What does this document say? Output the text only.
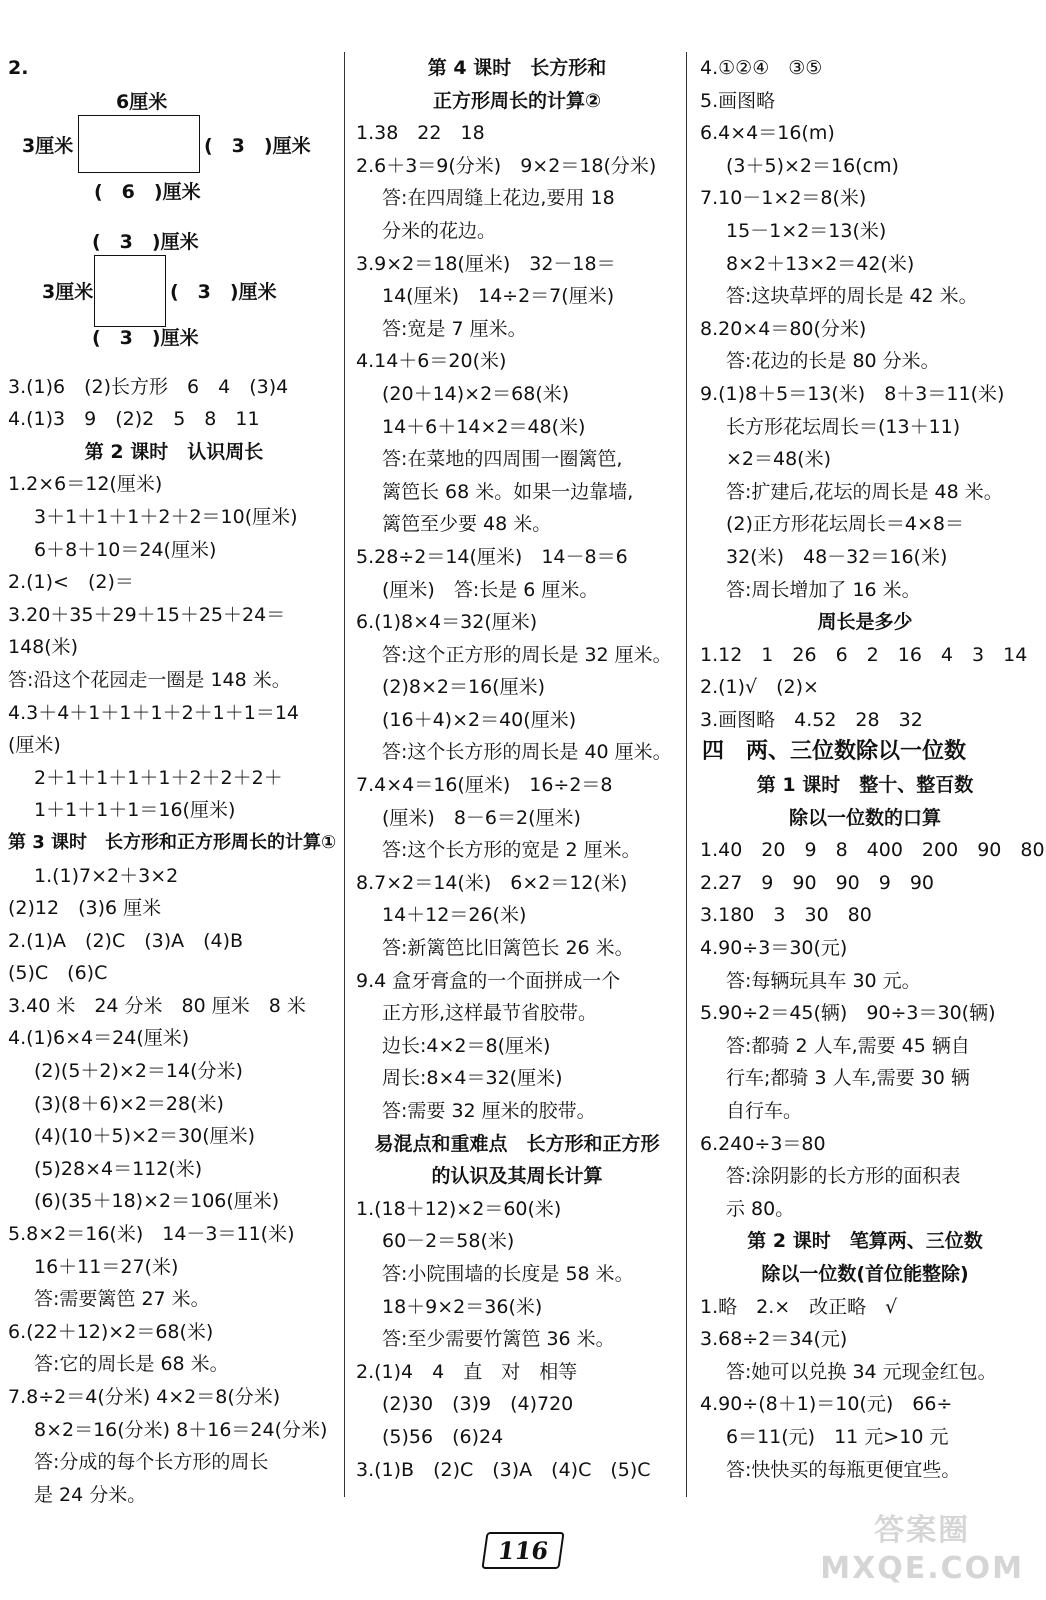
2.
6厘米
3厘米	(　3　)厘米
(　6　)厘米
(　3　)厘米
3厘米	(　3　)厘米
(　3　)厘米
3.(1)6　(2)长方形　6　4　(3)4
4.(1)3　9　(2)2　5　8　11
第 2 课时　认识周长
1.2×6＝12(厘米)
3＋1＋1＋1＋2＋2＝10(厘米)
6＋8＋10＝24(厘米)
2.(1)<　(2)＝
3.20＋35＋29＋15＋25＋24＝
148(米)
答:沿这个花园走一圈是 148 米。
4.3＋4＋1＋1＋1＋2＋1＋1＝14
(厘米)
2＋1＋1＋1＋1＋2＋2＋2＋
1＋1＋1＋1＝16(厘米)
第 3 课时　长方形和正方形周长的计算①
1.(1)7×2＋3×2
(2)12　(3)6 厘米
2.(1)A　(2)C　(3)A　(4)B
(5)C　(6)C
3.40 米　24 分米　80 厘米　8 米
4.(1)6×4＝24(厘米)
(2)(5＋2)×2＝14(分米)
(3)(8＋6)×2＝28(米)
(4)(10＋5)×2＝30(厘米)
(5)28×4＝112(米)
(6)(35＋18)×2＝106(厘米)
5.8×2＝16(米)　14－3＝11(米)
16＋11＝27(米)
答:需要篱笆 27 米。
6.(22＋12)×2＝68(米)
答:它的周长是 68 米。
7.8÷2＝4(分米) 4×2＝8(分米)
8×2＝16(分米) 8＋16＝24(分米)
答:分成的每个长方形的周长
是 24 分米。
第 4 课时　长方形和
正方形周长的计算②
1.38　22　18
2.6＋3＝9(分米)　9×2＝18(分米)
答:在四周缝上花边,要用 18
分米的花边。
3.9×2＝18(厘米)　32－18＝
14(厘米)　14÷2＝7(厘米)
答:宽是 7 厘米。
4.14＋6＝20(米)
(20＋14)×2＝68(米)
14＋6＋14×2＝48(米)
答:在菜地的四周围一圈篱笆,
篱笆长 68 米。如果一边靠墙,
篱笆至少要 48 米。
5.28÷2＝14(厘米)　14－8＝6
(厘米)　答:长是 6 厘米。
6.(1)8×4＝32(厘米)
答:这个正方形的周长是 32 厘米。
(2)8×2＝16(厘米)
(16＋4)×2＝40(厘米)
答:这个长方形的周长是 40 厘米。
7.4×4＝16(厘米)　16÷2＝8
(厘米)　8－6＝2(厘米)
答:这个长方形的宽是 2 厘米。
8.7×2＝14(米)　6×2＝12(米)
14＋12＝26(米)
答:新篱笆比旧篱笆长 26 米。
9.4 盒牙膏盒的一个面拼成一个
正方形,这样最节省胶带。
边长:4×2＝8(厘米)
周长:8×4＝32(厘米)
答:需要 32 厘米的胶带。
易混点和重难点　长方形和正方形
的认识及其周长计算
1.(18＋12)×2＝60(米)
60－2＝58(米)
答:小院围墙的长度是 58 米。
18＋9×2＝36(米)
答:至少需要竹篱笆 36 米。
2.(1)4　4　直　对　相等
(2)30　(3)9　(4)720
(5)56　(6)24
3.(1)B　(2)C　(3)A　(4)C　(5)C
4.①②④　③⑤
5.画图略
6.4×4＝16(m)
(3＋5)×2＝16(cm)
7.10－1×2＝8(米)
15－1×2＝13(米)
8×2＋13×2＝42(米)
答:这块草坪的周长是 42 米。
8.20×4＝80(分米)
答:花边的长是 80 分米。
9.(1)8＋5＝13(米)　8＋3＝11(米)
长方形花坛周长＝(13＋11)
×2＝48(米)
答:扩建后,花坛的周长是 48 米。
(2)正方形花坛周长＝4×8＝
32(米)　48－32＝16(米)
答:周长增加了 16 米。
周长是多少
1.12　1　26　6　2　16　4　3　14
2.(1)√　(2)×
3.画图略　4.52　28　32
四　两、三位数除以一位数
第 1 课时　整十、整百数
除以一位数的口算
1.40　20　9　8　400　200　90　80
2.27　9　90　90　9　90
3.180　3　30　80
4.90÷3＝30(元)
答:每辆玩具车 30 元。
5.90÷2＝45(辆)　90÷3＝30(辆)
答:都骑 2 人车,需要 45 辆自
行车;都骑 3 人车,需要 30 辆
自行车。
6.240÷3＝80
答:涂阴影的长方形的面积表
示 80。
第 2 课时　笔算两、三位数
除以一位数(首位能整除)
1.略　2.×　改正略　√
3.68÷2＝34(元)
答:她可以兑换 34 元现金红包。
4.90÷(8＋1)＝10(元)　66÷
6＝11(元)　11 元>10 元
答:快快买的每瓶更便宜些。
116
答案圈
MXQE.COM
